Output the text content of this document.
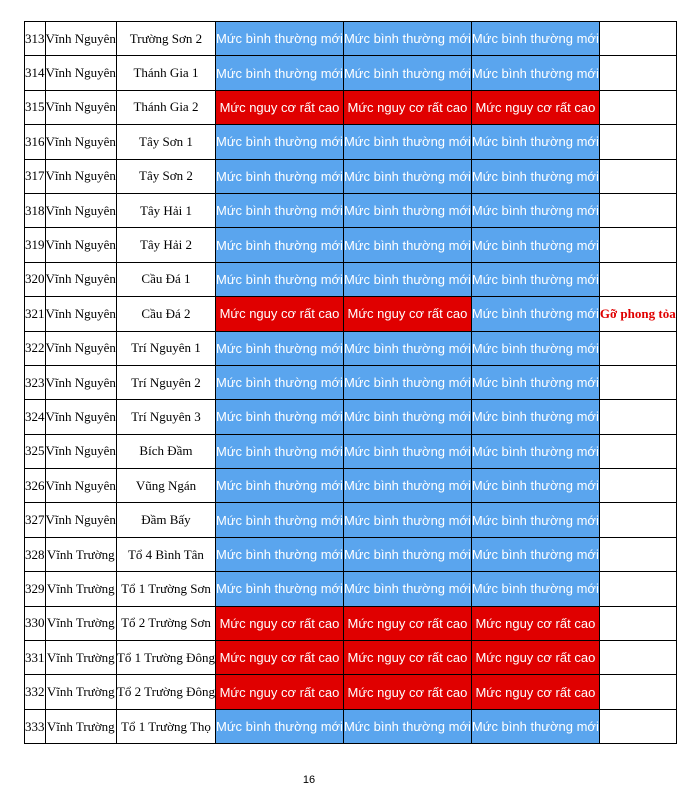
313	Vĩnh Nguyên	Trường Sơn 2	Mức bình thường mới	Mức bình thường mới	Mức bình thường mới	
314	Vĩnh Nguyên	Thánh Gia 1	Mức bình thường mới	Mức bình thường mới	Mức bình thường mới	
315	Vĩnh Nguyên	Thánh Gia 2	Mức nguy cơ rất cao	Mức nguy cơ rất cao	Mức nguy cơ rất cao	
316	Vĩnh Nguyên	Tây Sơn 1	Mức bình thường mới	Mức bình thường mới	Mức bình thường mới	
317	Vĩnh Nguyên	Tây Sơn 2	Mức bình thường mới	Mức bình thường mới	Mức bình thường mới	
318	Vĩnh Nguyên	Tây Hải 1	Mức bình thường mới	Mức bình thường mới	Mức bình thường mới	
319	Vĩnh Nguyên	Tây Hải 2	Mức bình thường mới	Mức bình thường mới	Mức bình thường mới	
320	Vĩnh Nguyên	Cầu Đá 1	Mức bình thường mới	Mức bình thường mới	Mức bình thường mới	
321	Vĩnh Nguyên	Cầu Đá 2	Mức nguy cơ rất cao	Mức nguy cơ rất cao	Mức bình thường mới	Gỡ phong tỏa
322	Vĩnh Nguyên	Trí Nguyên 1	Mức bình thường mới	Mức bình thường mới	Mức bình thường mới	
323	Vĩnh Nguyên	Trí Nguyên 2	Mức bình thường mới	Mức bình thường mới	Mức bình thường mới	
324	Vĩnh Nguyên	Trí Nguyên 3	Mức bình thường mới	Mức bình thường mới	Mức bình thường mới	
325	Vĩnh Nguyên	Bích Đầm	Mức bình thường mới	Mức bình thường mới	Mức bình thường mới	
326	Vĩnh Nguyên	Vũng Ngán	Mức bình thường mới	Mức bình thường mới	Mức bình thường mới	
327	Vĩnh Nguyên	Đầm Bấy	Mức bình thường mới	Mức bình thường mới	Mức bình thường mới	
328	Vĩnh Trường	Tổ 4 Bình Tân	Mức bình thường mới	Mức bình thường mới	Mức bình thường mới	
329	Vĩnh Trường	Tổ 1 Trường Sơn	Mức bình thường mới	Mức bình thường mới	Mức bình thường mới	
330	Vĩnh Trường	Tổ 2 Trường Sơn	Mức nguy cơ rất cao	Mức nguy cơ rất cao	Mức nguy cơ rất cao	
331	Vĩnh Trường	Tổ 1 Trường Đông	Mức nguy cơ rất cao	Mức nguy cơ rất cao	Mức nguy cơ rất cao	
332	Vĩnh Trường	Tổ 2 Trường Đông	Mức nguy cơ rất cao	Mức nguy cơ rất cao	Mức nguy cơ rất cao	
333	Vĩnh Trường	Tổ 1 Trường Thọ	Mức bình thường mới	Mức bình thường mới	Mức bình thường mới	
16
